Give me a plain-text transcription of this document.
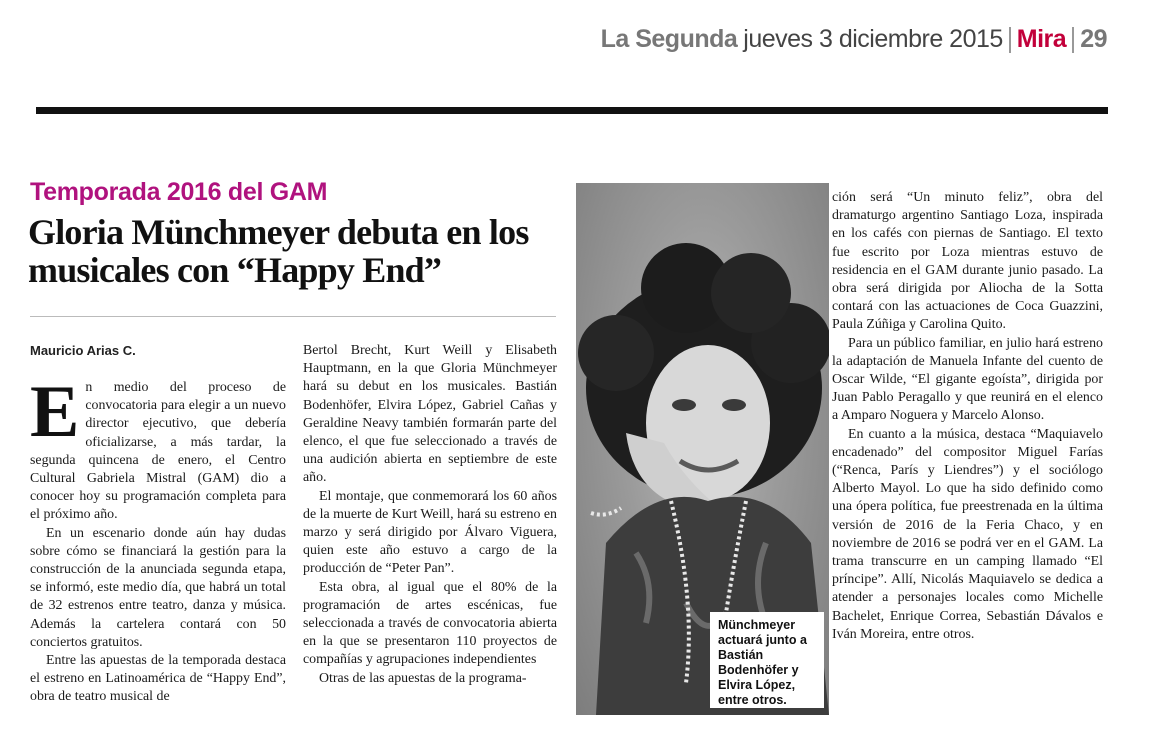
La Segunda jueves 3 diciembre 2015 Mira 29
Temporada 2016 del GAM
Gloria Münchmeyer debuta en los musicales con “Happy End”
Mauricio Arias C.

En medio del proceso de convocatoria para elegir a un nuevo director ejecutivo, que debería oficializarse, a más tardar, la segunda quincena de enero, el Centro Cultural Gabriela Mistral (GAM) dio a conocer hoy su programación completa para el próximo año.

En un escenario donde aún hay dudas sobre cómo se financiará la gestión para la construcción de la anunciada segunda etapa, se informó, este medio día, que habrá un total de 32 estrenos entre teatro, danza y música. Además la cartelera contará con 50 conciertos gratuitos.

Entre las apuestas de la temporada destaca el estreno en Latinoamérica de “Happy End”, obra de teatro musical de

Bertol Brecht, Kurt Weill y Elisabeth Hauptmann, en la que Gloria Münchmeyer hará su debut en los musicales. Bastián Bodenhöfer, Elvira López, Gabriel Cañas y Geraldine Neavy también formarán parte del elenco, el que fue seleccionado a través de una audición abierta en septiembre de este año.

El montaje, que conmemorará los 60 años de la muerte de Kurt Weill, hará su estreno en marzo y será dirigido por Álvaro Viguera, quien este año estuvo a cargo de la producción de “Peter Pan”.

Esta obra, al igual que el 80% de la programación de artes escénicas, fue seleccionada a través de convocatoria abierta en la que se presentaron 110 proyectos de compañías y agrupaciones independientes

Otras de las apuestas de la programa-

Münchmeyer actuará junto a Bastián Bodenhöfer y Elvira López, entre otros.

ción será “Un minuto feliz”, obra del dramaturgo argentino Santiago Loza, inspirada en los cafés con piernas de Santiago. El texto fue escrito por Loza mientras estuvo de residencia en el GAM durante junio pasado. La obra será dirigida por Aliocha de la Sotta contará con las actuaciones de Coca Guazzini, Paula Zúñiga y Carolina Quito.

Para un público familiar, en julio hará estreno la adaptación de Manuela Infante del cuento de Oscar Wilde, “El gigante egoísta”, dirigida por Juan Pablo Peragallo y que reunirá en el elenco a Amparo Noguera y Marcelo Alonso.

En cuanto a la música, destaca “Maquiavelo encadenado” del compositor Miguel Farías (“Renca, París y Liendres”) y el sociólogo Alberto Mayol. Lo que ha sido definido como una ópera política, fue preestrenada en la última versión de 2016 de la Feria Chaco, y en noviembre de 2016 se podrá ver en el GAM. La trama transcurre en un camping llamado “El príncipe”. Allí, Nicolás Maquiavelo se dedica a atender a personajes locales como Michelle Bachelet, Enrique Correa, Sebastián Dávalos e Iván Moreira, entre otros.
